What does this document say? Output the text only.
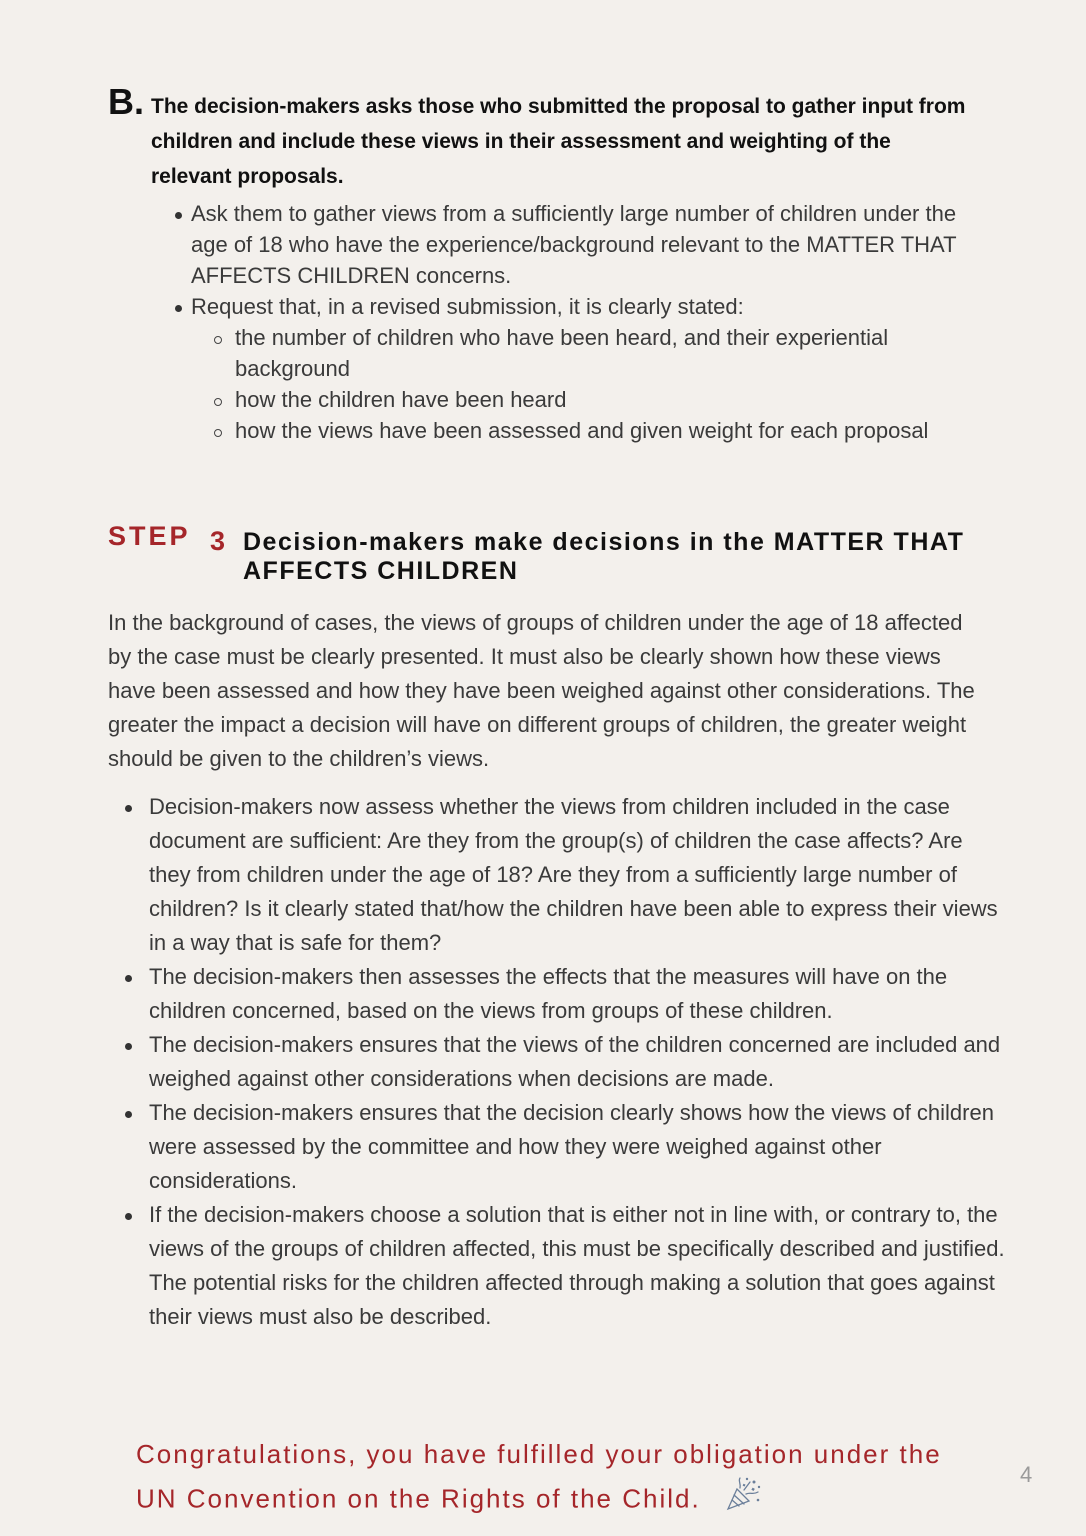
B. The decision-makers asks those who submitted the proposal to gather input from children and include these views in their assessment and weighting of the relevant proposals.
Ask them to gather views from a sufficiently large number of children under the age of 18 who have the experience/background relevant to the MATTER THAT AFFECTS CHILDREN concerns.
Request that, in a revised submission, it is clearly stated:
the number of children who have been heard, and their experiential background
how the children have been heard
how the views have been assessed and given weight for each proposal
STEP 3 Decision-makers make decisions in the MATTER THAT AFFECTS CHILDREN

In the background of cases, the views of groups of children under the age of 18 affected by the case must be clearly presented. It must also be clearly shown how these views have been assessed and how they have been weighed against other considerations. The greater the impact a decision will have on different groups of children, the greater weight should be given to the children’s views.

Decision-makers now assess whether the views from children included in the case document are sufficient: Are they from the group(s) of children the case affects? Are they from children under the age of 18? Are they from a sufficiently large number of children? Is it clearly stated that/how the children have been able to express their views in a way that is safe for them?
The decision-makers then assesses the effects that the measures will have on the children concerned, based on the views from groups of these children.
The decision-makers ensures that the views of the children concerned are included and weighed against other considerations when decisions are made.
The decision-makers ensures that the decision clearly shows how the views of children were assessed by the committee and how they were weighed against other considerations.
If the decision-makers choose a solution that is either not in line with, or contrary to, the views of the groups of children affected, this must be specifically described and justified. The potential risks for the children affected through making a solution that goes against their views must also be described.
Congratulations, you have fulfilled your obligation under the UN Convention on the Rights of the Child.
4
